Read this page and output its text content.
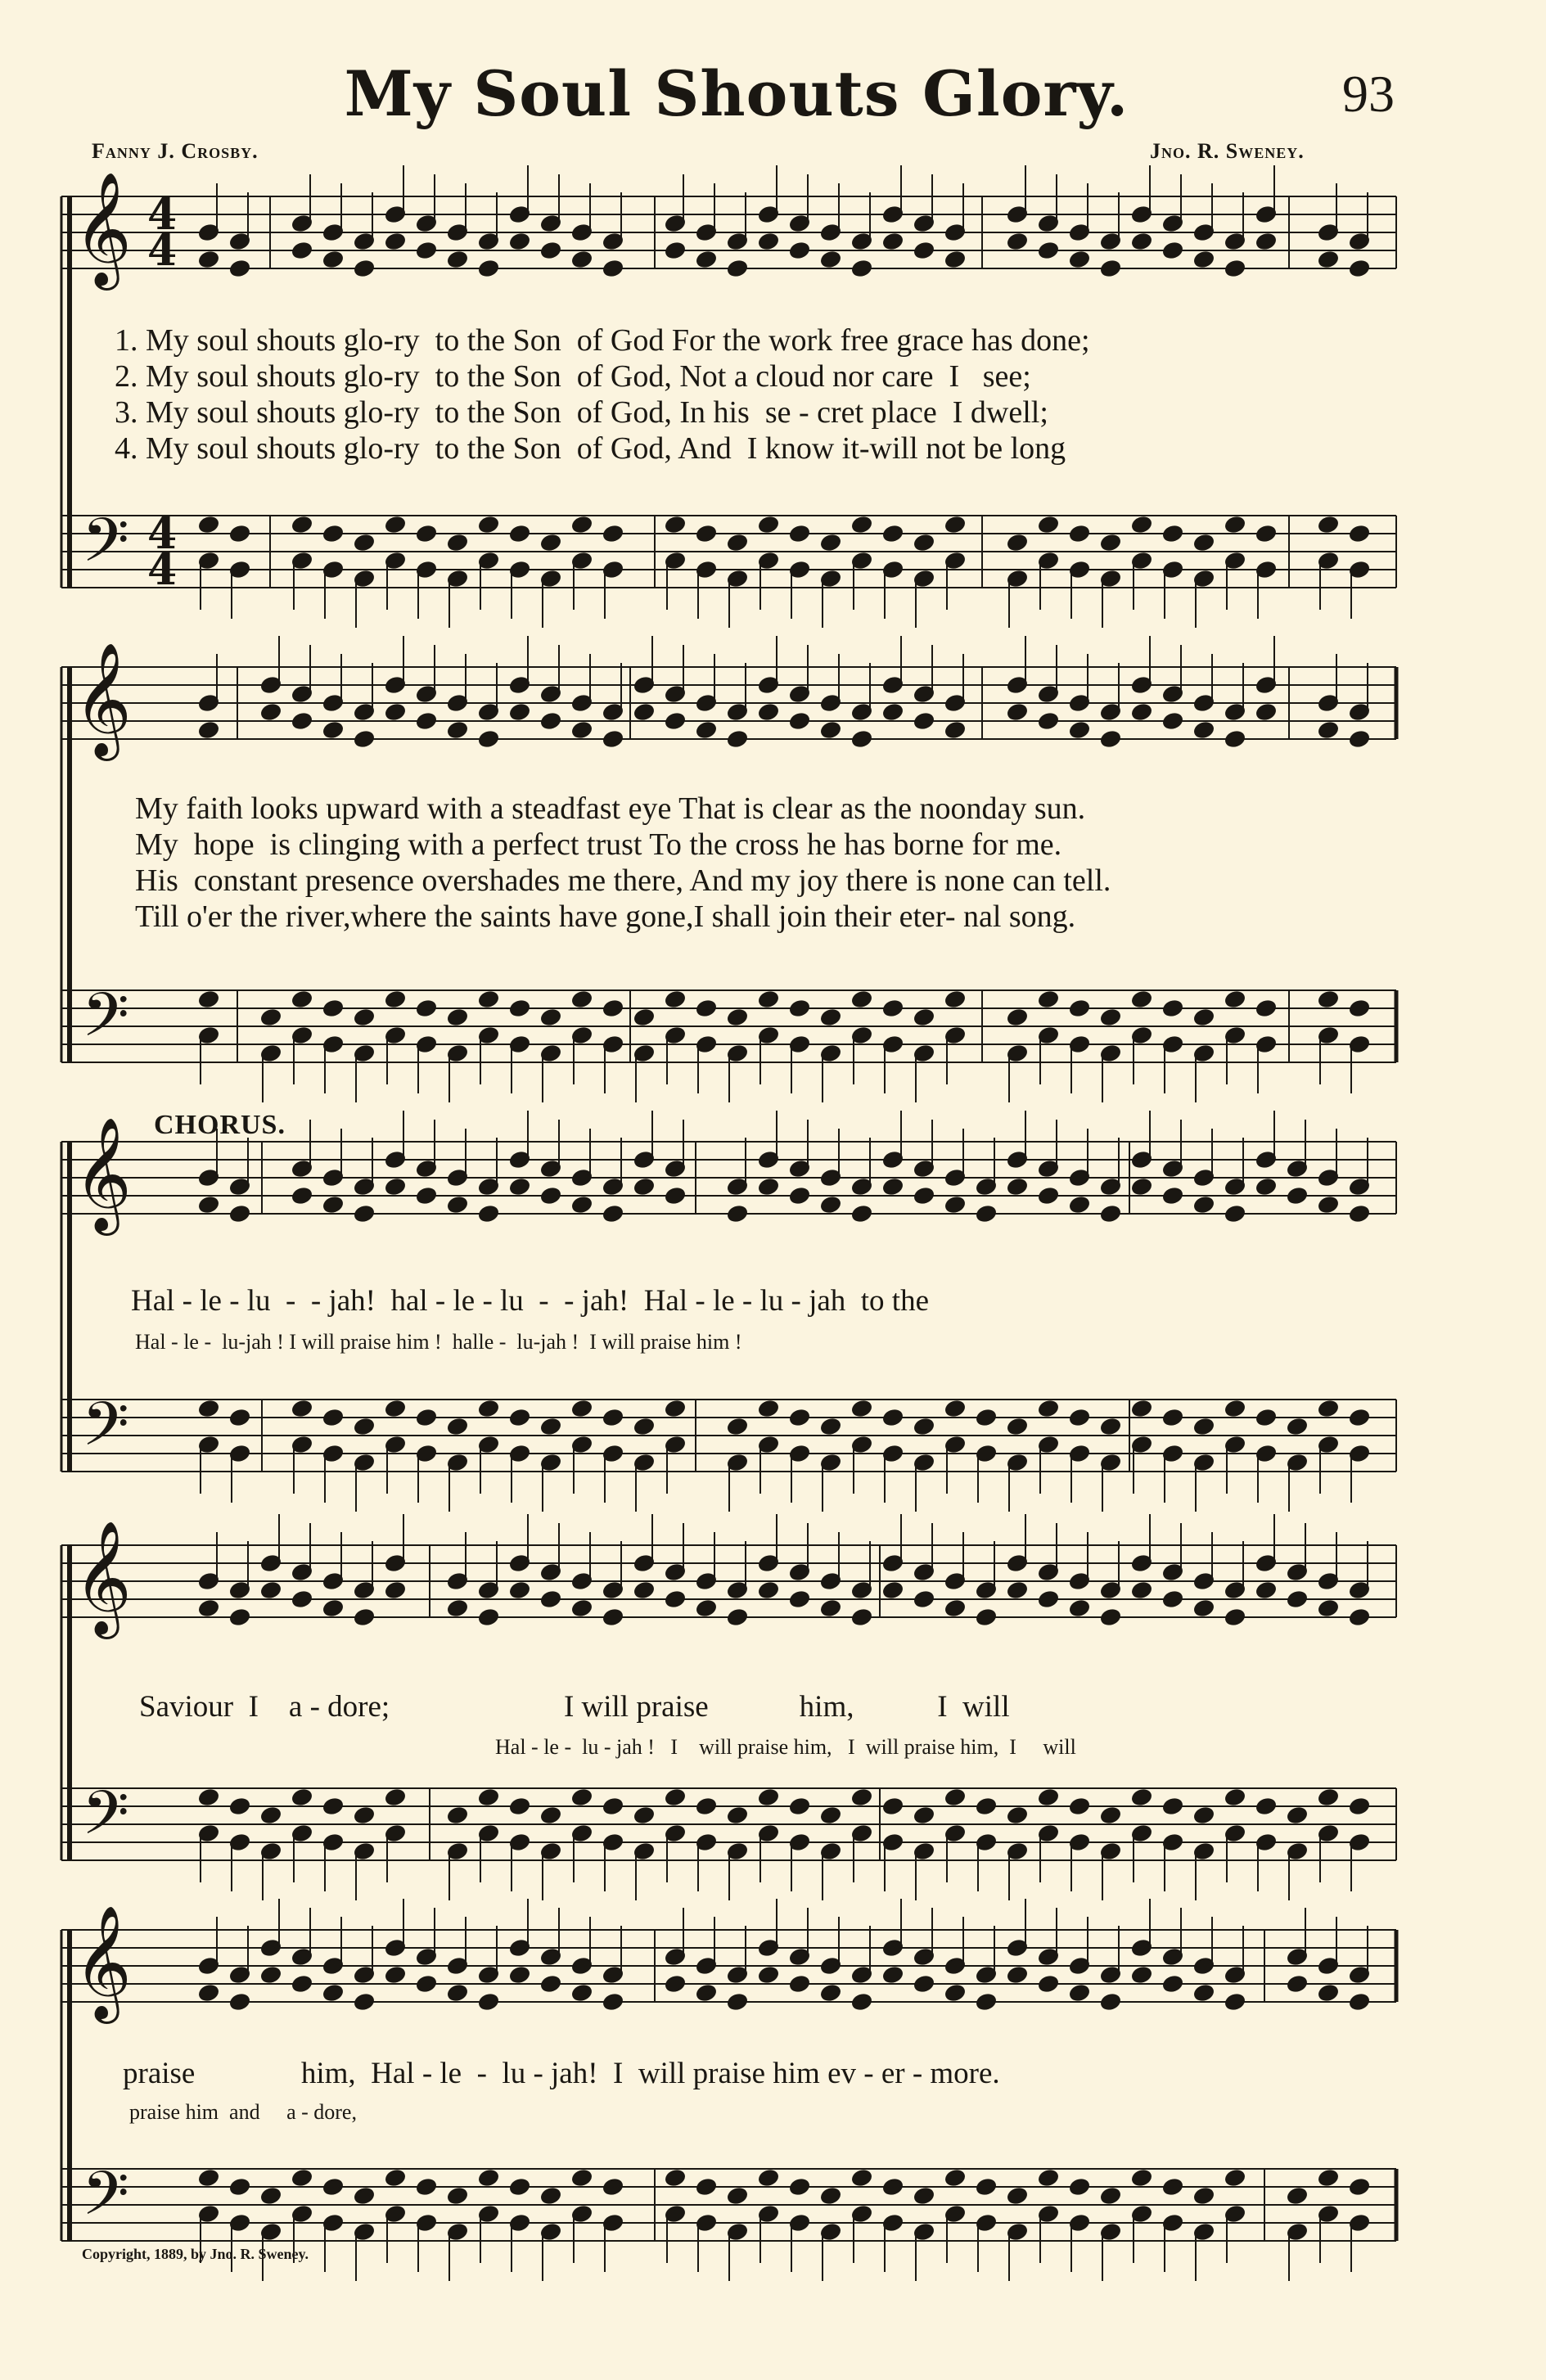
My Soul Shouts Glory.	93
Fanny J. Crosby.	Jno. R. Sweney.
𝄞
𝄢
4
4
4
4
𝄞
𝄢
𝄞
𝄢
𝄞
𝄢
𝄞
𝄢
1. My soul shouts glo-ry  to the Son  of God For the work free grace has done;
2. My soul shouts glo-ry  to the Son  of God, Not a cloud nor care  I   see;
3. My soul shouts glo-ry  to the Son  of God, In his  se - cret place  I dwell;
4. My soul shouts glo-ry  to the Son  of God, And  I know it-will not be long
My faith looks upward with a steadfast eye That is clear as the noonday sun.
My  hope  is clinging with a perfect trust To the cross he has borne for me.
His  constant presence overshades me there, And my joy there is none can tell.
Till o'er the river,where the saints have gone,I shall join their eter- nal song.
CHORUS.
Hal - le - lu  -  - jah!  hal - le - lu  -  - jah!  Hal - le - lu - jah  to the
Hal - le -  lu-jah ! I will praise him !  halle -  lu-jah !  I will praise him !
Saviour  I    a - dore;                       I will praise            him,           I  will
Hal - le -  lu - jah !   I    will praise him,   I  will praise him,  I     will
praise              him,  Hal - le  -  lu - jah!  I  will praise him ev - er - more.
praise him  and     a - dore,
Copyright, 1889, by Jno. R. Sweney.
